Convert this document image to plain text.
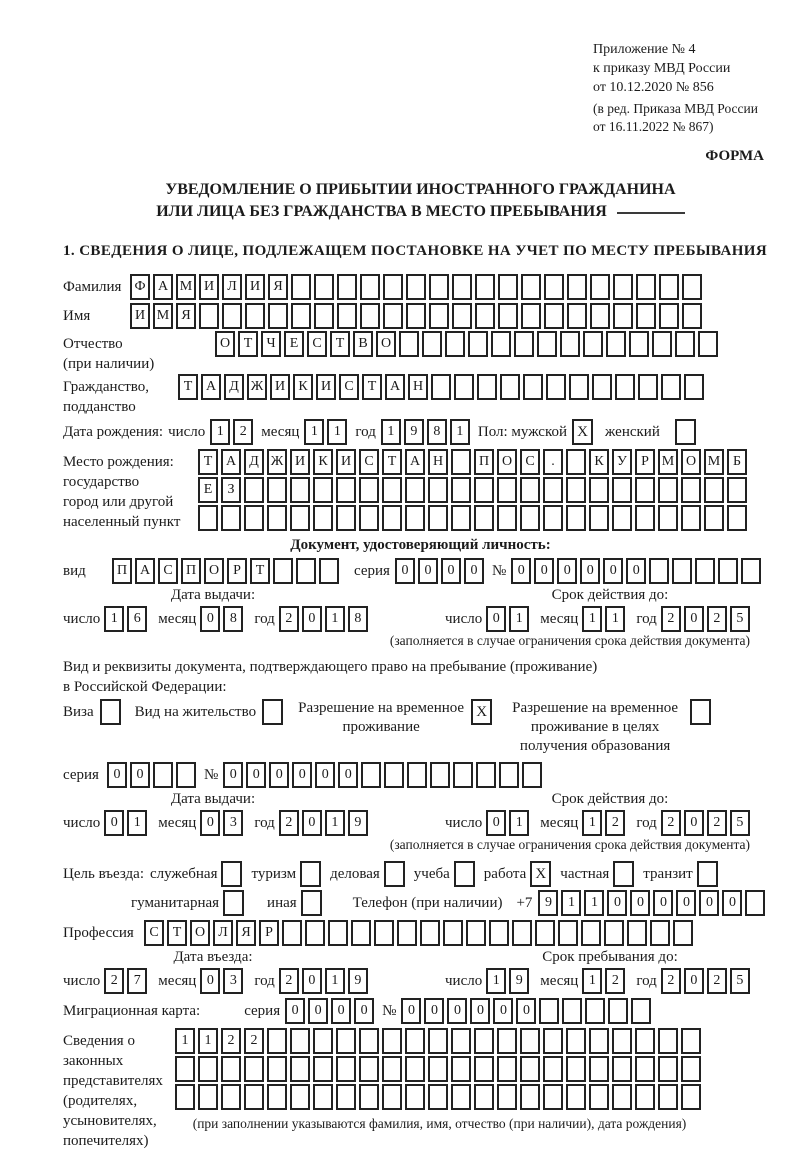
Приложение № 4
к приказу МВД России
от 10.12.2020 № 856
(в ред. Приказа МВД России
от 16.11.2022 № 867)
ФОРМА
УВЕДОМЛЕНИЕ О ПРИБЫТИИ ИНОСТРАННОГО ГРАЖДАНИНА
ИЛИ ЛИЦА БЕЗ ГРАЖДАНСТВА В МЕСТО ПРЕБЫВАНИЯ
1. СВЕДЕНИЯ О ЛИЦЕ, ПОДЛЕЖАЩЕМ ПОСТАНОВКЕ НА УЧЕТ ПО МЕСТУ ПРЕБЫВАНИЯ
Фамилия Ф А М И Л И Я
Имя	И М Я
Отчество
(при наличии)
О Т	Ч	Е	С	Т	В О
Гражданство,
подданство
Т А Д Ж И К И С	Т А Н
Дата рождения: число 1	2 месяц 1	1 год 1	9	8	1 Пол: мужской X	женский
Место рождения:
государство
город или другой
населенный пункт
Т А Д Ж И К И С	Т А Н	П О С	.	К У	Р М О М Б
Е	З
Документ, удостоверяющий личность:
вид	П А С П О	Р	Т	серия 0	0	0	0 № 0	0	0	0	0	0
Дата выдачи:
число 1	6	месяц 0	8	год 2	0	1	8
Срок действия до:
число 0	1	месяц 1	1	год 2	0	2	5
(заполняется в случае ограничения срока действия документа)
Вид и реквизиты документа, подтверждающего право на пребывание (проживание)
в Российской Федерации:
Виза	Вид на жительство	Разрешение на временное проживание
X	Разрешение на временное проживание в целях получения образования
серия	0	0	№ 0	0	0	0	0	0
Дата выдачи:
число 0	1	месяц 0	3	год 2	0	1	9
Срок действия до:
число 0	1	месяц 1	2	год 2	0	2	5
(заполняется в случае ограничения срока действия документа)
Цель въезда: служебная туризм деловая учеба работа X частная транзит
гуманитарная	иная	Телефон (при наличии) +7 9	1	1	0	0	0	0	0	0
Профессия	С	Т О Л Я	Р
Дата въезда:
число 2	7	месяц 0	3	год 2	0	1	9
Срок пребывания до:
число 1	9	месяц 1	2	год 2	0	2	5
Миграционная карта:	серия 0	0	0	0 № 0	0	0	0	0	0
Сведения о
законных
представителях
(родителях,
усыновителях,
попечителях)
1	1	2	2
(при заполнении указываются фамилия, имя, отчество (при наличии), дата рождения)
